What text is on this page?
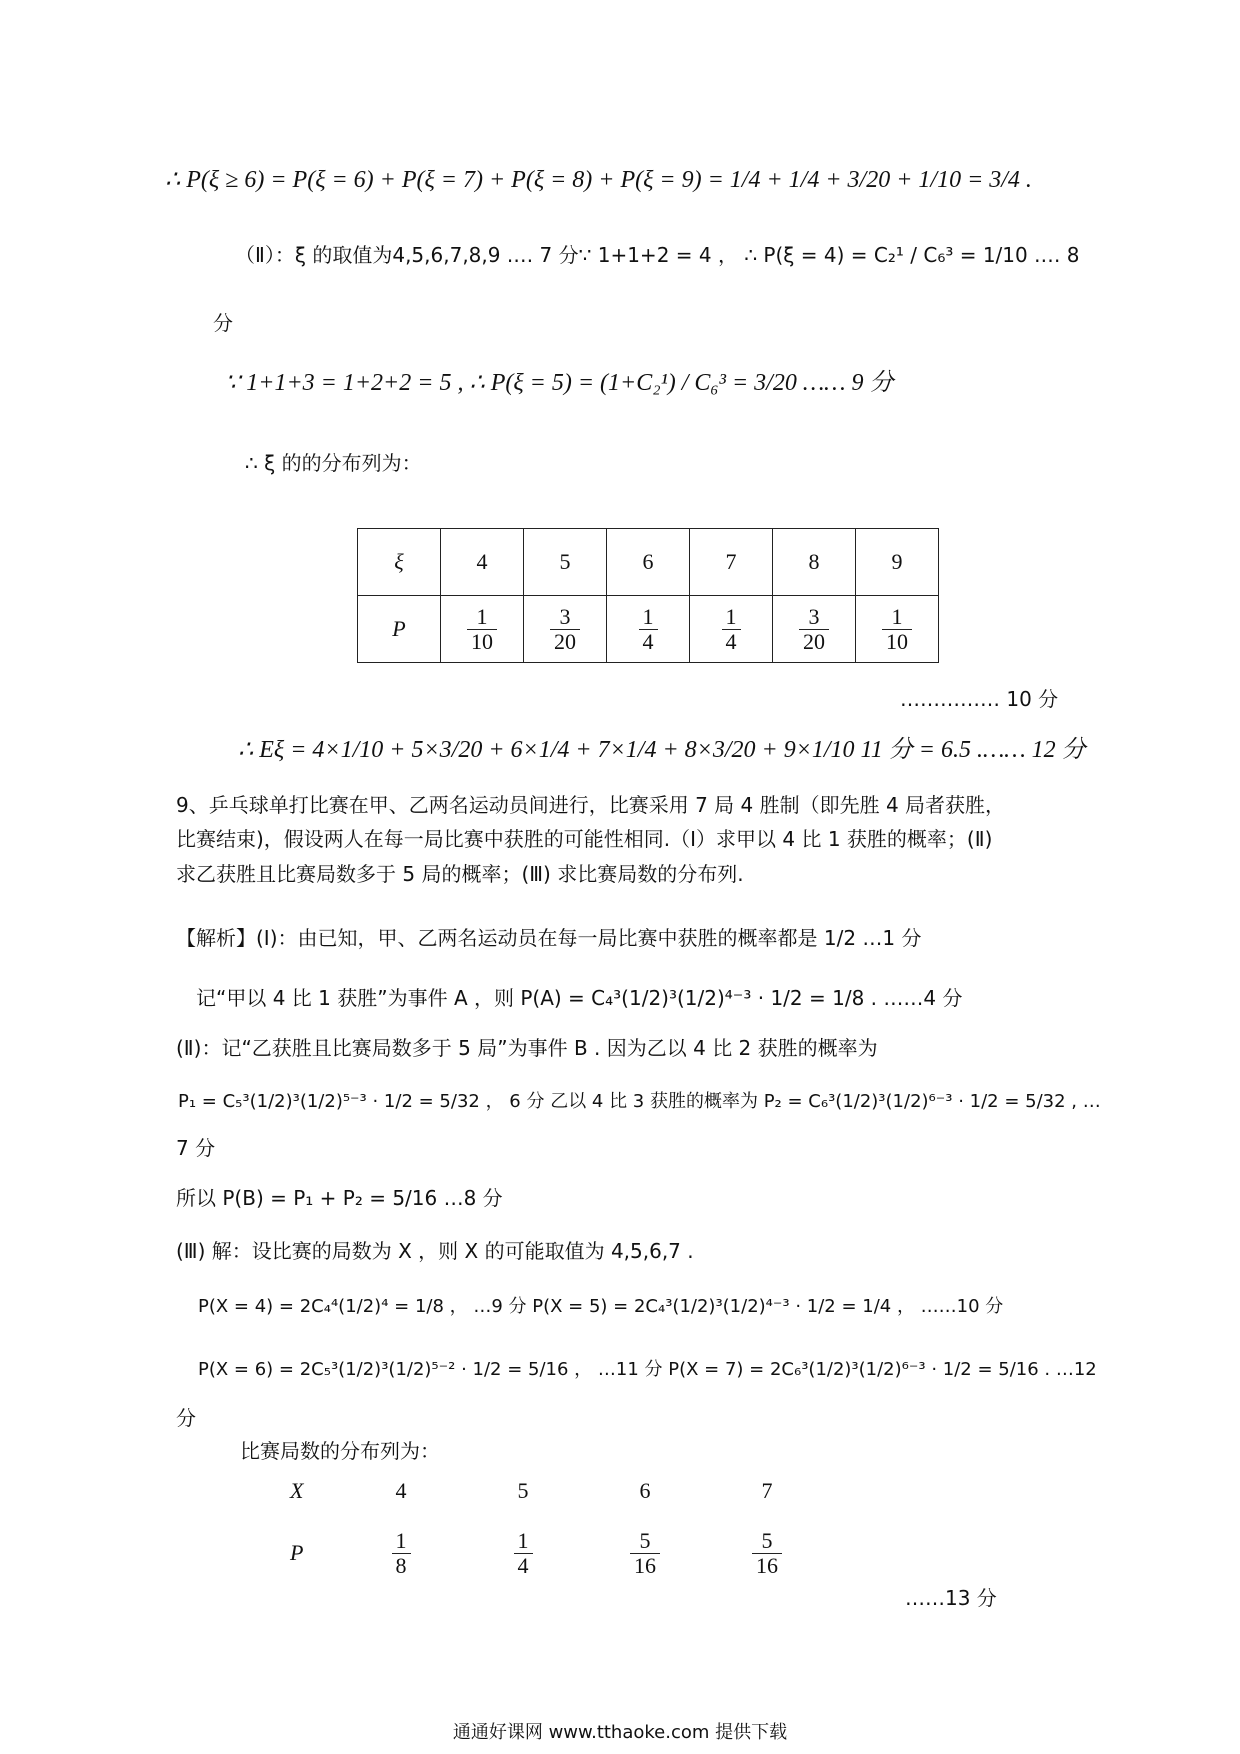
∴ P(ξ ≥ 6) = P(ξ = 6) + P(ξ = 7) + P(ξ = 8) + P(ξ = 9) = 1/4 + 1/4 + 3/20 + 1/10 = 3/4 .
（Ⅱ）：ξ 的取值为4,5,6,7,8,9 .… 7 分∵ 1+1+2 = 4 ， ∴ P(ξ = 4) = C₂¹ / C₆³ = 1/10 .… 8
分
∵ 1+1+3 = 1+2+2 = 5 , ∴ P(ξ = 5) = (1+C₂¹) / C₆³ = 3/20 …… 9 分
∴ ξ 的的分布列为：
ξ	4	5	6	7	8	9
P	$\frac{1}{10}$	$\frac{3}{20}$	$\frac{1}{4}$	$\frac{1}{4}$	$\frac{3}{20}$	$\frac{1}{10}$
…………… 10 分
∴ Eξ = 4×1/10 + 5×3/20 + 6×1/4 + 7×1/4 + 8×3/20 + 9×1/10 11 分 = 6.5 .…… 12 分
9、乒乓球单打比赛在甲、乙两名运动员间进行，比赛采用 7 局 4 胜制（即先胜 4 局者获胜，
比赛结束)，假设两人在每一局比赛中获胜的可能性相同.（Ⅰ）求甲以 4 比 1 获胜的概率；(Ⅱ)
求乙获胜且比赛局数多于 5 局的概率；(Ⅲ) 求比赛局数的分布列.
【解析】(Ⅰ)：由已知，甲、乙两名运动员在每一局比赛中获胜的概率都是 1/2 …1 分
记“甲以 4 比 1 获胜”为事件 A ，则 P(A) = C₄³(1/2)³(1/2)⁴⁻³ · 1/2 = 1/8 . ……4 分
(Ⅱ)：记“乙获胜且比赛局数多于 5 局”为事件 B . 因为乙以 4 比 2 获胜的概率为
P₁ = C₅³(1/2)³(1/2)⁵⁻³ · 1/2 = 5/32 ， 6 分 乙以 4 比 3 获胜的概率为 P₂ = C₆³(1/2)³(1/2)⁶⁻³ · 1/2 = 5/32 , …
7 分
所以 P(B) = P₁ + P₂ = 5/16 …8 分
(Ⅲ) 解：设比赛的局数为 X ，则 X 的可能取值为 4,5,6,7 .
P(X = 4) = 2C₄⁴(1/2)⁴ = 1/8 ， …9 分 P(X = 5) = 2C₄³(1/2)³(1/2)⁴⁻³ · 1/2 = 1/4 ， ……10 分
P(X = 6) = 2C₅³(1/2)³(1/2)⁵⁻² · 1/2 = 5/16 ， …11 分 P(X = 7) = 2C₆³(1/2)³(1/2)⁶⁻³ · 1/2 = 5/16 . …12
分
比赛局数的分布列为：
X	4	5	6	7
P	$\frac{1}{8}$	$\frac{1}{4}$	$\frac{5}{16}$	$\frac{5}{16}$
……13 分
通通好课网 www.tthaoke.com 提供下载
